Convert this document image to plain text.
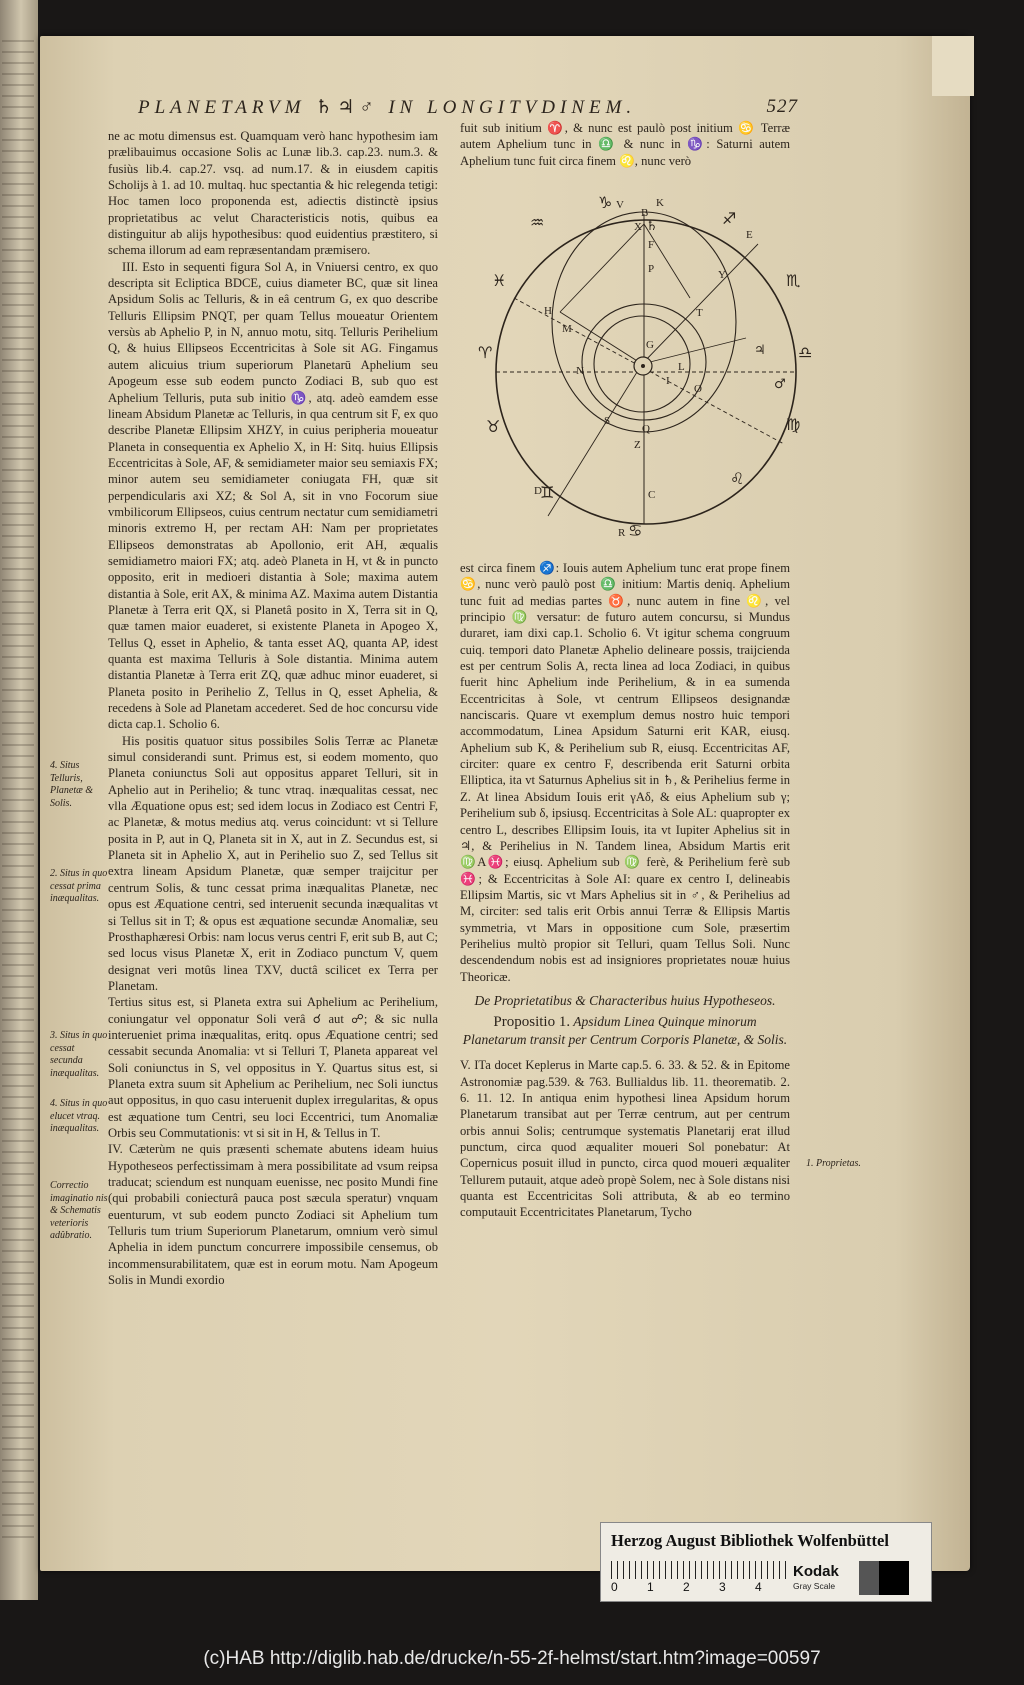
PLANETARVM ♄♃♂ IN LONGITVDINEM.	527

ne ac motu dimensus est. Quamquam verò hanc hypothesim iam prælibauimus occasione Solis ac Lunæ lib.3. cap.23. num.3. & fusiùs lib.4. cap.27. vsq. ad num.17. & in eiusdem capitis Scholijs à 1. ad 10. multaq. huc spectantia & hic relegenda tetigi: Hoc tamen loco proponenda est, adiectis distinctè ipsius proprietatibus ac velut Characteristicis notis, quibus ea distinguitur ab alijs hypothesibus: quod euidentius præstitero, si schema illorum ad eam repræsentandam præmisero.

III. Esto in sequenti figura Sol A, in Vniuersi centro, ex quo descripta sit Ecliptica BDCE, cuius diameter BC, quæ sit linea Apsidum Solis ac Telluris, & in eâ centrum G, ex quo describe Telluris Ellipsim PNQT, per quam Tellus moueatur Orientem versùs ab Aphelio P, in N, annuo motu, sitq. Telluris Perihelium Q, & huius Ellipseos Eccentricitas à Sole sit AG. Fingamus autem alicuius trium superiorum Planetarū Aphelium seu Apogeum esse sub eodem puncto Zodiaci B, sub quo est Aphelium Telluris, puta sub initio ♑, atq. adeò eamdem esse lineam Absidum Planetæ ac Telluris, in qua centrum sit F, ex quo describe Planetæ Ellipsim XHZY, in cuius peripheria moueatur Planeta in consequentia ex Aphelio X, in H: Sitq. huius Ellipsis Eccentricitas à Sole, AF, & semidiameter maior seu semiaxis FX; minor autem seu semidiameter coniugata FH, quæ sit perpendicularis axi XZ; & Sol A, sit in vno Focorum siue vmbilicorum Ellipseos, cuius centrum nectatur cum semidiametri minoris extremo H, per rectam AH: Nam per proprietates Ellipseos demonstratas ab Apollonio, erit AH, æqualis semidiametro maiori FX; atq. adeò Planeta in H, vt & in puncto opposito, erit in medioeri distantia à Sole; maxima autem distantia à Sole, erit AX, & minima AZ. Maxima autem Distantia Planetæ à Terra erit QX, si Planetâ posito in X, Terra sit in Q, quæ tamen maior euaderet, si existente Planeta in Apogeo X, Tellus Q, esset in Aphelio, & tanta esset AQ, quanta AP, idest quanta est maxima Telluris à Sole distantia. Minima autem distantia Planetæ à Terra erit ZQ, quæ adhuc minor euaderet, si Planeta posito in Perihelio Z, Tellus in Q, esset Aphelia, & recedens à Sole ad Planetam accederet. Sed de hoc concursu vide dicta cap.1. Scholio 6.

His positis quatuor situs possibiles Solis Terræ ac Planetæ simul considerandi sunt. Primus est, si eodem momento, quo Planeta coniunctus Soli aut oppositus apparet Telluri, sit in Aphelio aut in Perihelio; & tunc vtraq. inæqualitas cessat, nec vlla Æquatione opus est; sed idem locus in Zodiaco est Centri F, ac Planetæ, & motus medius atq. verus coincidunt: vt si Tellure posita in P, aut in Q, Planeta sit in X, aut in Z. Secundus est, si Planeta sit in Aphelio X, aut in Perihelio suo Z, sed Tellus sit extra lineam Apsidum Planetæ, quæ semper traijcitur per centrum Solis, & tunc cessat prima inæqualitas Planetæ, nec opus est Æquatione centri, sed interuenit secunda inæqualitas vt si Tellus sit in T; & opus est æquatione secundæ Anomaliæ, seu Prosthaphæresi Orbis: nam locus verus centri F, erit sub B, aut C; sed locus visus Planetæ X, erit in Zodiaco punctum V, quem designat veri motûs linea TXV, ductâ scilicet ex Terra per Planetam.

Tertius situs est, si Planeta extra sui Aphelium ac Perihelium, coniungatur vel opponatur Soli verâ ☌ aut ☍; & sic nulla interueniet prima inæqualitas, eritq. opus Æquatione centri; sed cessabit secunda Anomalia: vt si Telluri T, Planeta appareat vel Soli coniunctus in S, vel oppositus in Y. Quartus situs est, si Planeta extra suum sit Aphelium ac Perihelium, nec Soli iunctus aut oppositus, in quo casu interuenit duplex irregularitas, & opus est æquatione tum Centri, seu loci Eccentrici, tum Anomaliæ Orbis seu Commutationis: vt si sit in H, & Tellus in T.

IV. Cæterùm ne quis præsenti schemate abutens ideam huius Hypotheseos perfectissimam à mera possibilitate ad vsum reipsa traducat; sciendum est nunquam euenisse, nec posito Mundi fine (qui probabili coniecturâ pauca post sæcula speratur) vnquam euenturum, vt sub eodem puncto Zodiaci sit Aphelium tum Telluris tum trium Superiorum Planetarum, omnium verò simul Aphelia in idem punctum concurrere impossibile censemus, ob incommensurabilitatem, quæ est in eorum motu. Nam Apogeum Solis in Mundi exordio

4. Situs Telluris, Planetæ & Solis.
2. Situs in quo cessat prima inæqualitas.
3. Situs in quo cessat secunda inæqualitas.
4. Situs in quo elucet vtraq. inæqualitas.
Correctio imaginatio nis & Schematis veterioris adûbratio.

fuit sub initium ♈, & nunc est paulò post initium ♋ Terræ autem Aphelium tunc in ♎ & nunc in ♑: Saturni autem Aphelium tunc fuit circa finem ♌, nunc verò

V
B
K
X
F
P	Y
E
T
H
M
G
N	L
I
O
S
Q
Z
D	C
R
♒
♓
♈
♉
♊
♋
♌
♍
♎
♏
♐
♑
♄
♃
♂

est circa finem ♐: Iouis autem Aphelium tunc erat prope finem ♋, nunc verò paulò post ♎ initium: Martis deniq. Aphelium tunc fuit ad medias partes ♉, nunc autem in fine ♌, vel principio ♍ versatur: de futuro autem concursu, si Mundus duraret, iam dixi cap.1. Scholio 6. Vt igitur schema congruum cuiq. tempori dato Planetæ Aphelio delineare possis, traijcienda est per centrum Solis A, recta linea ad loca Zodiaci, in quibus fuerit hinc Aphelium inde Perihelium, & in ea sumenda Eccentricitas à Sole, vt centrum Ellipseos designandæ nanciscaris. Quare vt exemplum demus nostro huic tempori accommodatum, Linea Apsidum Saturni erit KAR, eiusq. Aphelium sub K, & Perihelium sub R, eiusq. Eccentricitas AF, circiter: quare ex centro F, describenda erit Saturni orbita Elliptica, ita vt Saturnus Aphelius sit in ♄, & Perihelius ferme in Z. At linea Absidum Iouis erit γAδ, & eius Aphelium sub γ; Perihelium sub δ, ipsiusq. Eccentricitas à Sole AL: quapropter ex centro L, describes Ellipsim Iouis, ita vt Iupiter Aphelius sit in ♃, & Perihelius in N. Tandem linea, Absidum Martis erit ♍A♓; eiusq. Aphelium sub ♍ ferè, & Perihelium ferè sub ♓; & Eccentricitas à Sole AI: quare ex centro I, delineabis Ellipsim Martis, sic vt Mars Aphelius sit in ♂, & Perihelius ad M, circiter: sed talis erit Orbis annui Terræ & Ellipsis Martis symmetria, vt Mars in oppositione cum Sole, præsertim Perihelius multò propior sit Telluri, quam Tellus Soli. Nunc descendendum nobis est ad insigniores proprietates nouæ huius Theoricæ.

De Proprietatibus & Characteribus huius Hypotheseos.
Propositio 1. Apsidum Linea Quinque minorum Planetarum transit per Centrum Corporis Planetæ, & Solis.

V. ITa docet Keplerus in Marte cap.5. 6. 33. & 52. & in Epitome Astronomiæ pag.539. & 763. Bullialdus lib. 11. theorematib. 2. 6. 11. 12. In antiqua enim hypothesi linea Apsidum horum Planetarum transibat aut per Terræ centrum, aut per centrum orbis annui Solis; centrumque systematis Planetarij erat illud punctum, circa quod æqualiter moueri Sol ponebatur: At Copernicus posuit illud in puncto, circa quod moueri æqualiter Tellurem putauit, atque adeò propè Solem, nec à Sole distans nisi quanta est Eccentricitas Soli attributa, & ab eo termino computauit Eccentricitates Planetarum, Tycho

1. Proprietas.
Herzog August Bibliothek Wolfenbüttel
0 1 2 3 4
Kodak
Gray Scale
(c)HAB http://diglib.hab.de/drucke/n-55-2f-helmst/start.htm?image=00597
